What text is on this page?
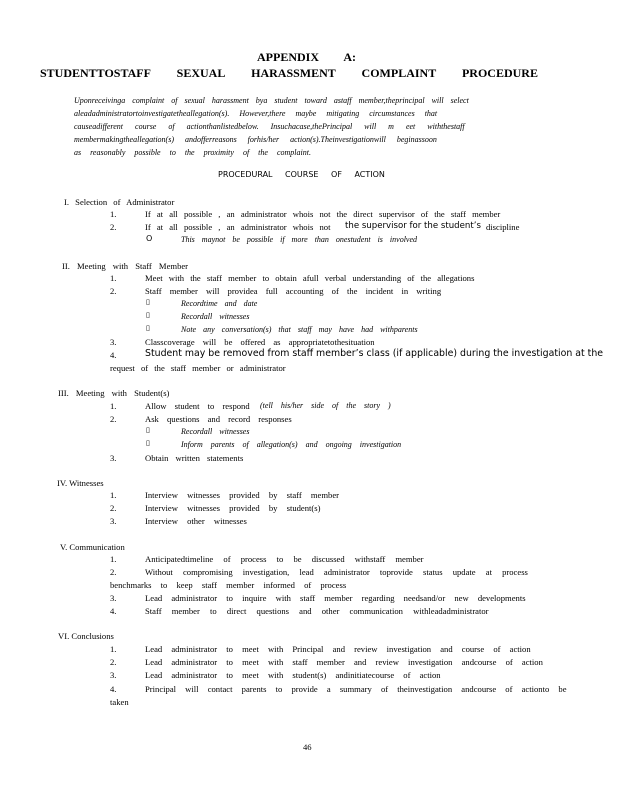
APPENDIX A:
STUDENTTOSTAFF SEXUAL HARASSMENT COMPLAINT PROCEDURE
Uponreceivinga complaint of sexual harassment bya student toward astaff member,theprincipal will select
aleadadministratortoinvestigatetheallegation(s). However,there maybe mitigating circumstances that
causeadifferent course of actionthanlistedbelow. Insuchacase,thePrincipal will m eet withthestaff
membermakingtheallegation(s) andofferreasons forhis/her action(s).Theinvestigationwill beginassoon
as reasonably possible to the proximity of the complaint.
PROCEDURAL COURSE OF ACTION
I. Selection of Administrator
1.	If at all possible , an administrator whois not the direct supervisor of the staff member
2.	If at all possible , an administrator whois not the supervisor for the student’s discipline
O	This maynot be possible if more than onestudent is involved
II. Meeting with Staff Member
1.	Meet with the staff member to obtain afull verbal understanding of the allegations
2.	Staff member will providea full accounting of the incident in writing
▯	Recordtime and date
▯	Recordall witnesses
▯	Note any conversation(s) that staff may have had withparents
3.	Classcoverage will be offered as appropriatetothesituation
4.	Student may be removed from staff member’s class (if applicable) during the investigation at the
request of the staff member or administrator
III. Meeting with Student(s)
1.	Allow student to respond (tell his/her side of the story )
2.	Ask questions and record responses
▯	Recordall witnesses
▯	Inform parents of allegation(s) and ongoing investigation
3.	Obtain written statements
IV. Witnesses
1.	Interview witnesses provided by staff member
2.	Interview witnesses provided by student(s)
3.	Interview other witnesses
V. Communication
1.	Anticipatedtimeline of process to be discussed withstaff member
2.	Without compromising investigation, lead administrator toprovide status update at process
benchmarks to keep staff member informed of process
3.	Lead administrator to inquire with staff member regarding needsand/or new developments
4.	Staff member to direct questions and other communication withleadadministrator
VI. Conclusions
1.	Lead administrator to meet with Principal and review investigation and course of action
2.	Lead administrator to meet with staff member and review investigation andcourse of action
3.	Lead administrator to meet with student(s) andinitiatecourse of action
4.	Principal will contact parents to provide a summary of theinvestigation andcourse of actionto be
taken
46
